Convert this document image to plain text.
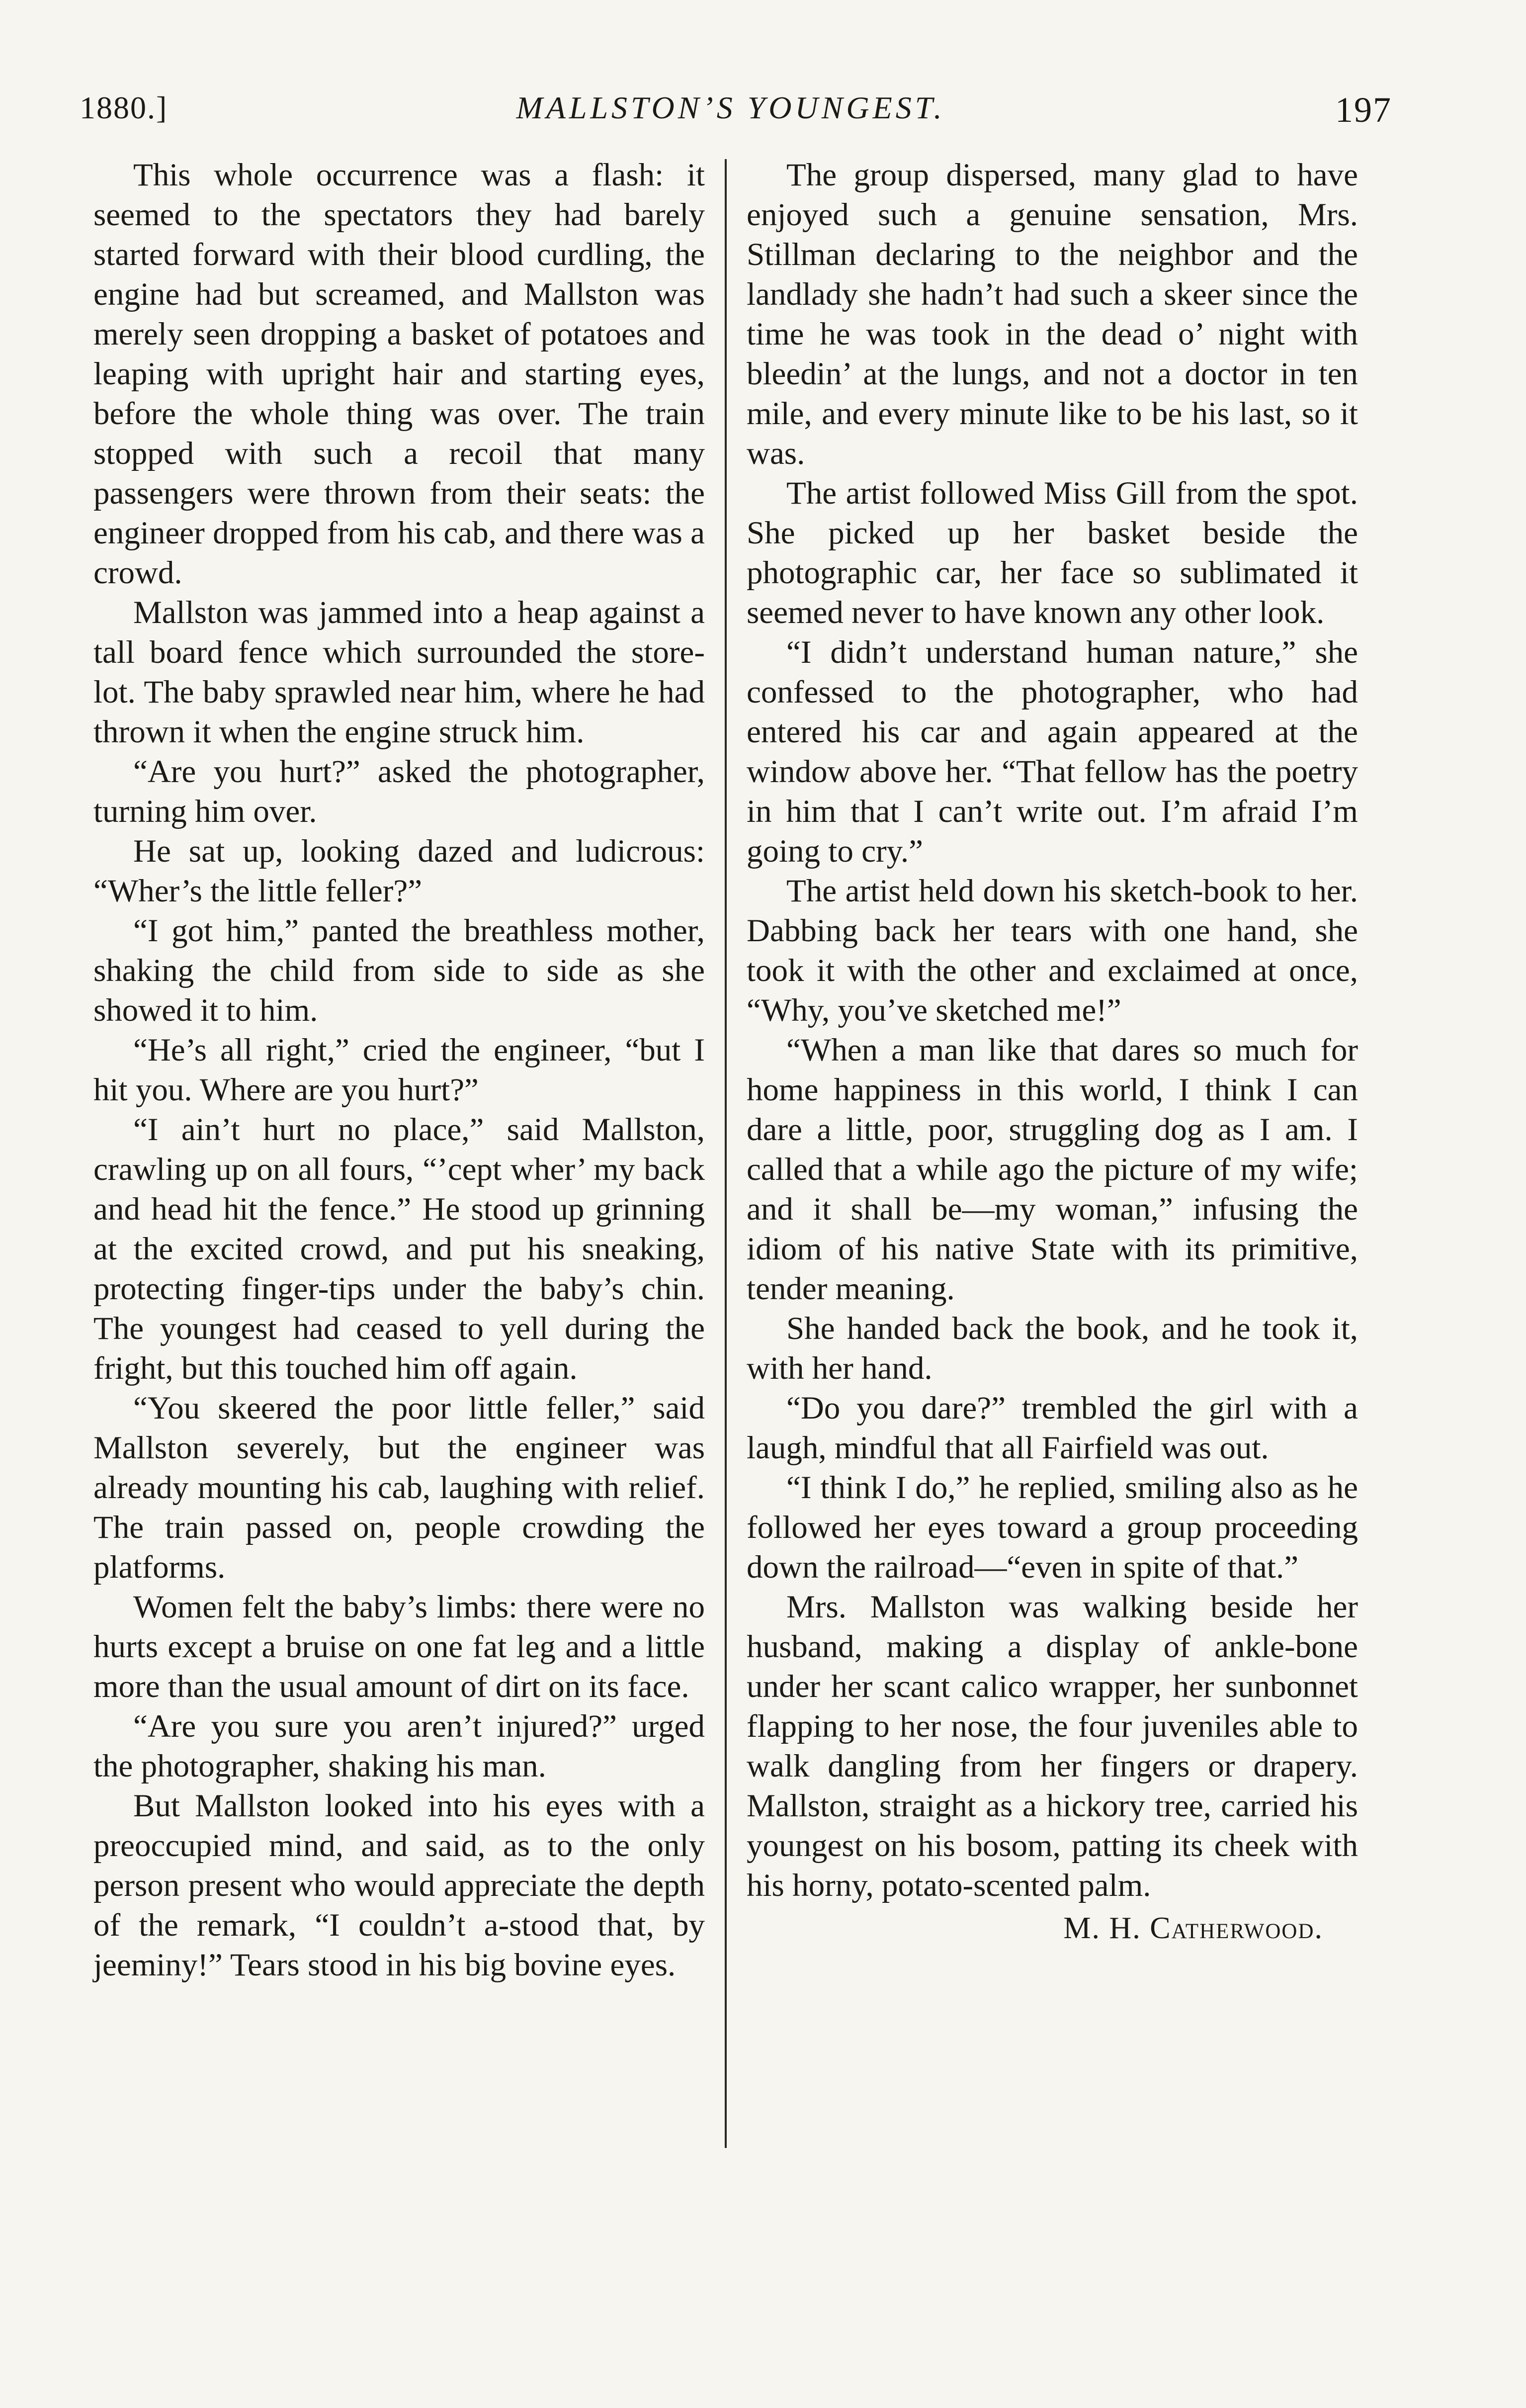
1880.]	MALLSTON’S YOUNGEST.	197

This whole occurrence was a flash: it seemed to the spectators they had barely started forward with their blood curdling, the engine had but screamed, and Mallston was merely seen dropping a basket of potatoes and leaping with upright hair and starting eyes, before the whole thing was over. The train stopped with such a recoil that many passengers were thrown from their seats: the engineer dropped from his cab, and there was a crowd.

Mallston was jammed into a heap against a tall board fence which surrounded the store-lot. The baby sprawled near him, where he had thrown it when the engine struck him.

“Are you hurt?” asked the photographer, turning him over.

He sat up, looking dazed and ludicrous: “Wher’s the little feller?”

“I got him,” panted the breathless mother, shaking the child from side to side as she showed it to him.

“He’s all right,” cried the engineer, “but I hit you. Where are you hurt?”

“I ain’t hurt no place,” said Mallston, crawling up on all fours, “’cept wher’ my back and head hit the fence.” He stood up grinning at the excited crowd, and put his sneaking, protecting finger-tips under the baby’s chin. The youngest had ceased to yell during the fright, but this touched him off again.

“You skeered the poor little feller,” said Mallston severely, but the engineer was already mounting his cab, laughing with relief. The train passed on, people crowding the platforms.

Women felt the baby’s limbs: there were no hurts except a bruise on one fat leg and a little more than the usual amount of dirt on its face.

“Are you sure you aren’t injured?” urged the photographer, shaking his man.

But Mallston looked into his eyes with a preoccupied mind, and said, as to the only person present who would appreciate the depth of the remark, “I couldn’t a-stood that, by jeeminy!” Tears stood in his big bovine eyes.

The group dispersed, many glad to have enjoyed such a genuine sensation, Mrs. Stillman declaring to the neighbor and the landlady she hadn’t had such a skeer since the time he was took in the dead o’ night with bleedin’ at the lungs, and not a doctor in ten mile, and every minute like to be his last, so it was.

The artist followed Miss Gill from the spot. She picked up her basket beside the photographic car, her face so sublimated it seemed never to have known any other look.

“I didn’t understand human nature,” she confessed to the photographer, who had entered his car and again appeared at the window above her. “That fellow has the poetry in him that I can’t write out. I’m afraid I’m going to cry.”

The artist held down his sketch-book to her. Dabbing back her tears with one hand, she took it with the other and exclaimed at once, “Why, you’ve sketched me!”

“When a man like that dares so much for home happiness in this world, I think I can dare a little, poor, struggling dog as I am. I called that a while ago the picture of my wife; and it shall be—my woman,” infusing the idiom of his native State with its primitive, tender meaning.

She handed back the book, and he took it, with her hand.

“Do you dare?” trembled the girl with a laugh, mindful that all Fairfield was out.

“I think I do,” he replied, smiling also as he followed her eyes toward a group proceeding down the railroad—“even in spite of that.”

Mrs. Mallston was walking beside her husband, making a display of ankle-bone under her scant calico wrapper, her sunbonnet flapping to her nose, the four juveniles able to walk dangling from her fingers or drapery. Mallston, straight as a hickory tree, carried his youngest on his bosom, patting its cheek with his horny, potato-scented palm.

M. H. Catherwood.
